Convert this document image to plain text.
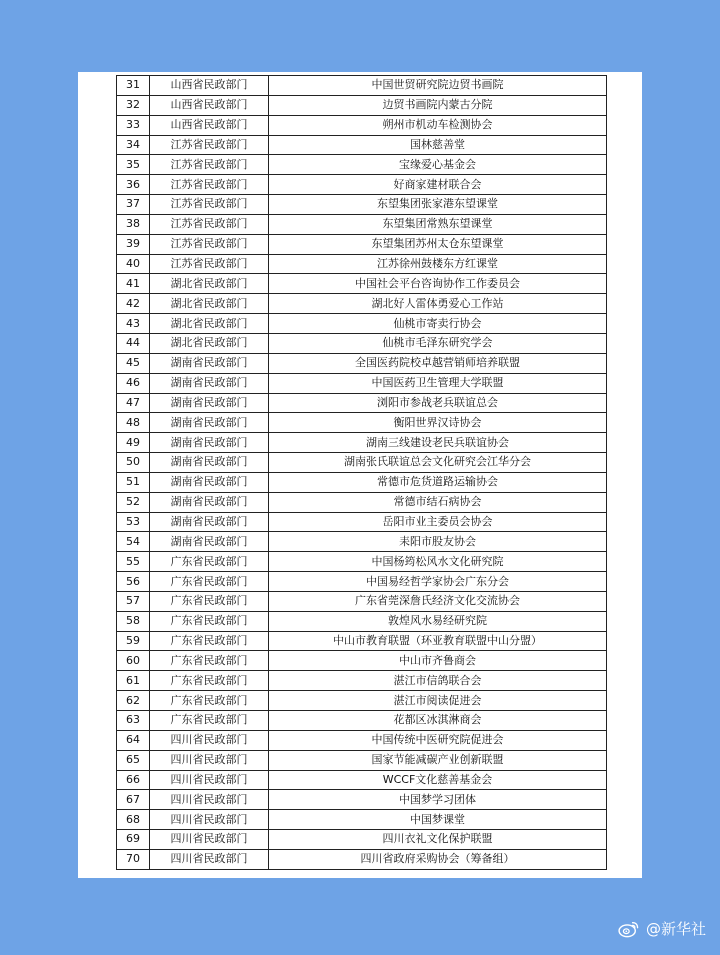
31	山西省民政部门	中国世贸研究院边贸书画院
32	山西省民政部门	边贸书画院内蒙古分院
33	山西省民政部门	朔州市机动车检测协会
34	江苏省民政部门	国林慈善堂
35	江苏省民政部门	宝缘爱心基金会
36	江苏省民政部门	好商家建材联合会
37	江苏省民政部门	东望集团张家港东望课堂
38	江苏省民政部门	东望集团常熟东望课堂
39	江苏省民政部门	东望集团苏州太仓东望课堂
40	江苏省民政部门	江苏徐州鼓楼东方红课堂
41	湖北省民政部门	中国社会平台咨询协作工作委员会
42	湖北省民政部门	湖北好人雷体勇爱心工作站
43	湖北省民政部门	仙桃市寄卖行协会
44	湖北省民政部门	仙桃市毛泽东研究学会
45	湖南省民政部门	全国医药院校卓越营销师培养联盟
46	湖南省民政部门	中国医药卫生管理大学联盟
47	湖南省民政部门	浏阳市参战老兵联谊总会
48	湖南省民政部门	衡阳世界汉诗协会
49	湖南省民政部门	湖南三线建设老民兵联谊协会
50	湖南省民政部门	湖南张氏联谊总会文化研究会江华分会
51	湖南省民政部门	常德市危货道路运输协会
52	湖南省民政部门	常德市结石病协会
53	湖南省民政部门	岳阳市业主委员会协会
54	湖南省民政部门	耒阳市股友协会
55	广东省民政部门	中国杨筠松风水文化研究院
56	广东省民政部门	中国易经哲学家协会广东分会
57	广东省民政部门	广东省莞深詹氏经济文化交流协会
58	广东省民政部门	敦煌风水易经研究院
59	广东省民政部门	中山市教育联盟（环亚教育联盟中山分盟）
60	广东省民政部门	中山市齐鲁商会
61	广东省民政部门	湛江市信鸽联合会
62	广东省民政部门	湛江市阅读促进会
63	广东省民政部门	花都区冰淇淋商会
64	四川省民政部门	中国传统中医研究院促进会
65	四川省民政部门	国家节能减碳产业创新联盟
66	四川省民政部门	WCCF文化慈善基金会
67	四川省民政部门	中国梦学习团体
68	四川省民政部门	中国梦课堂
69	四川省民政部门	四川衣礼文化保护联盟
70	四川省民政部门	四川省政府采购协会（筹备组）
@新华社
